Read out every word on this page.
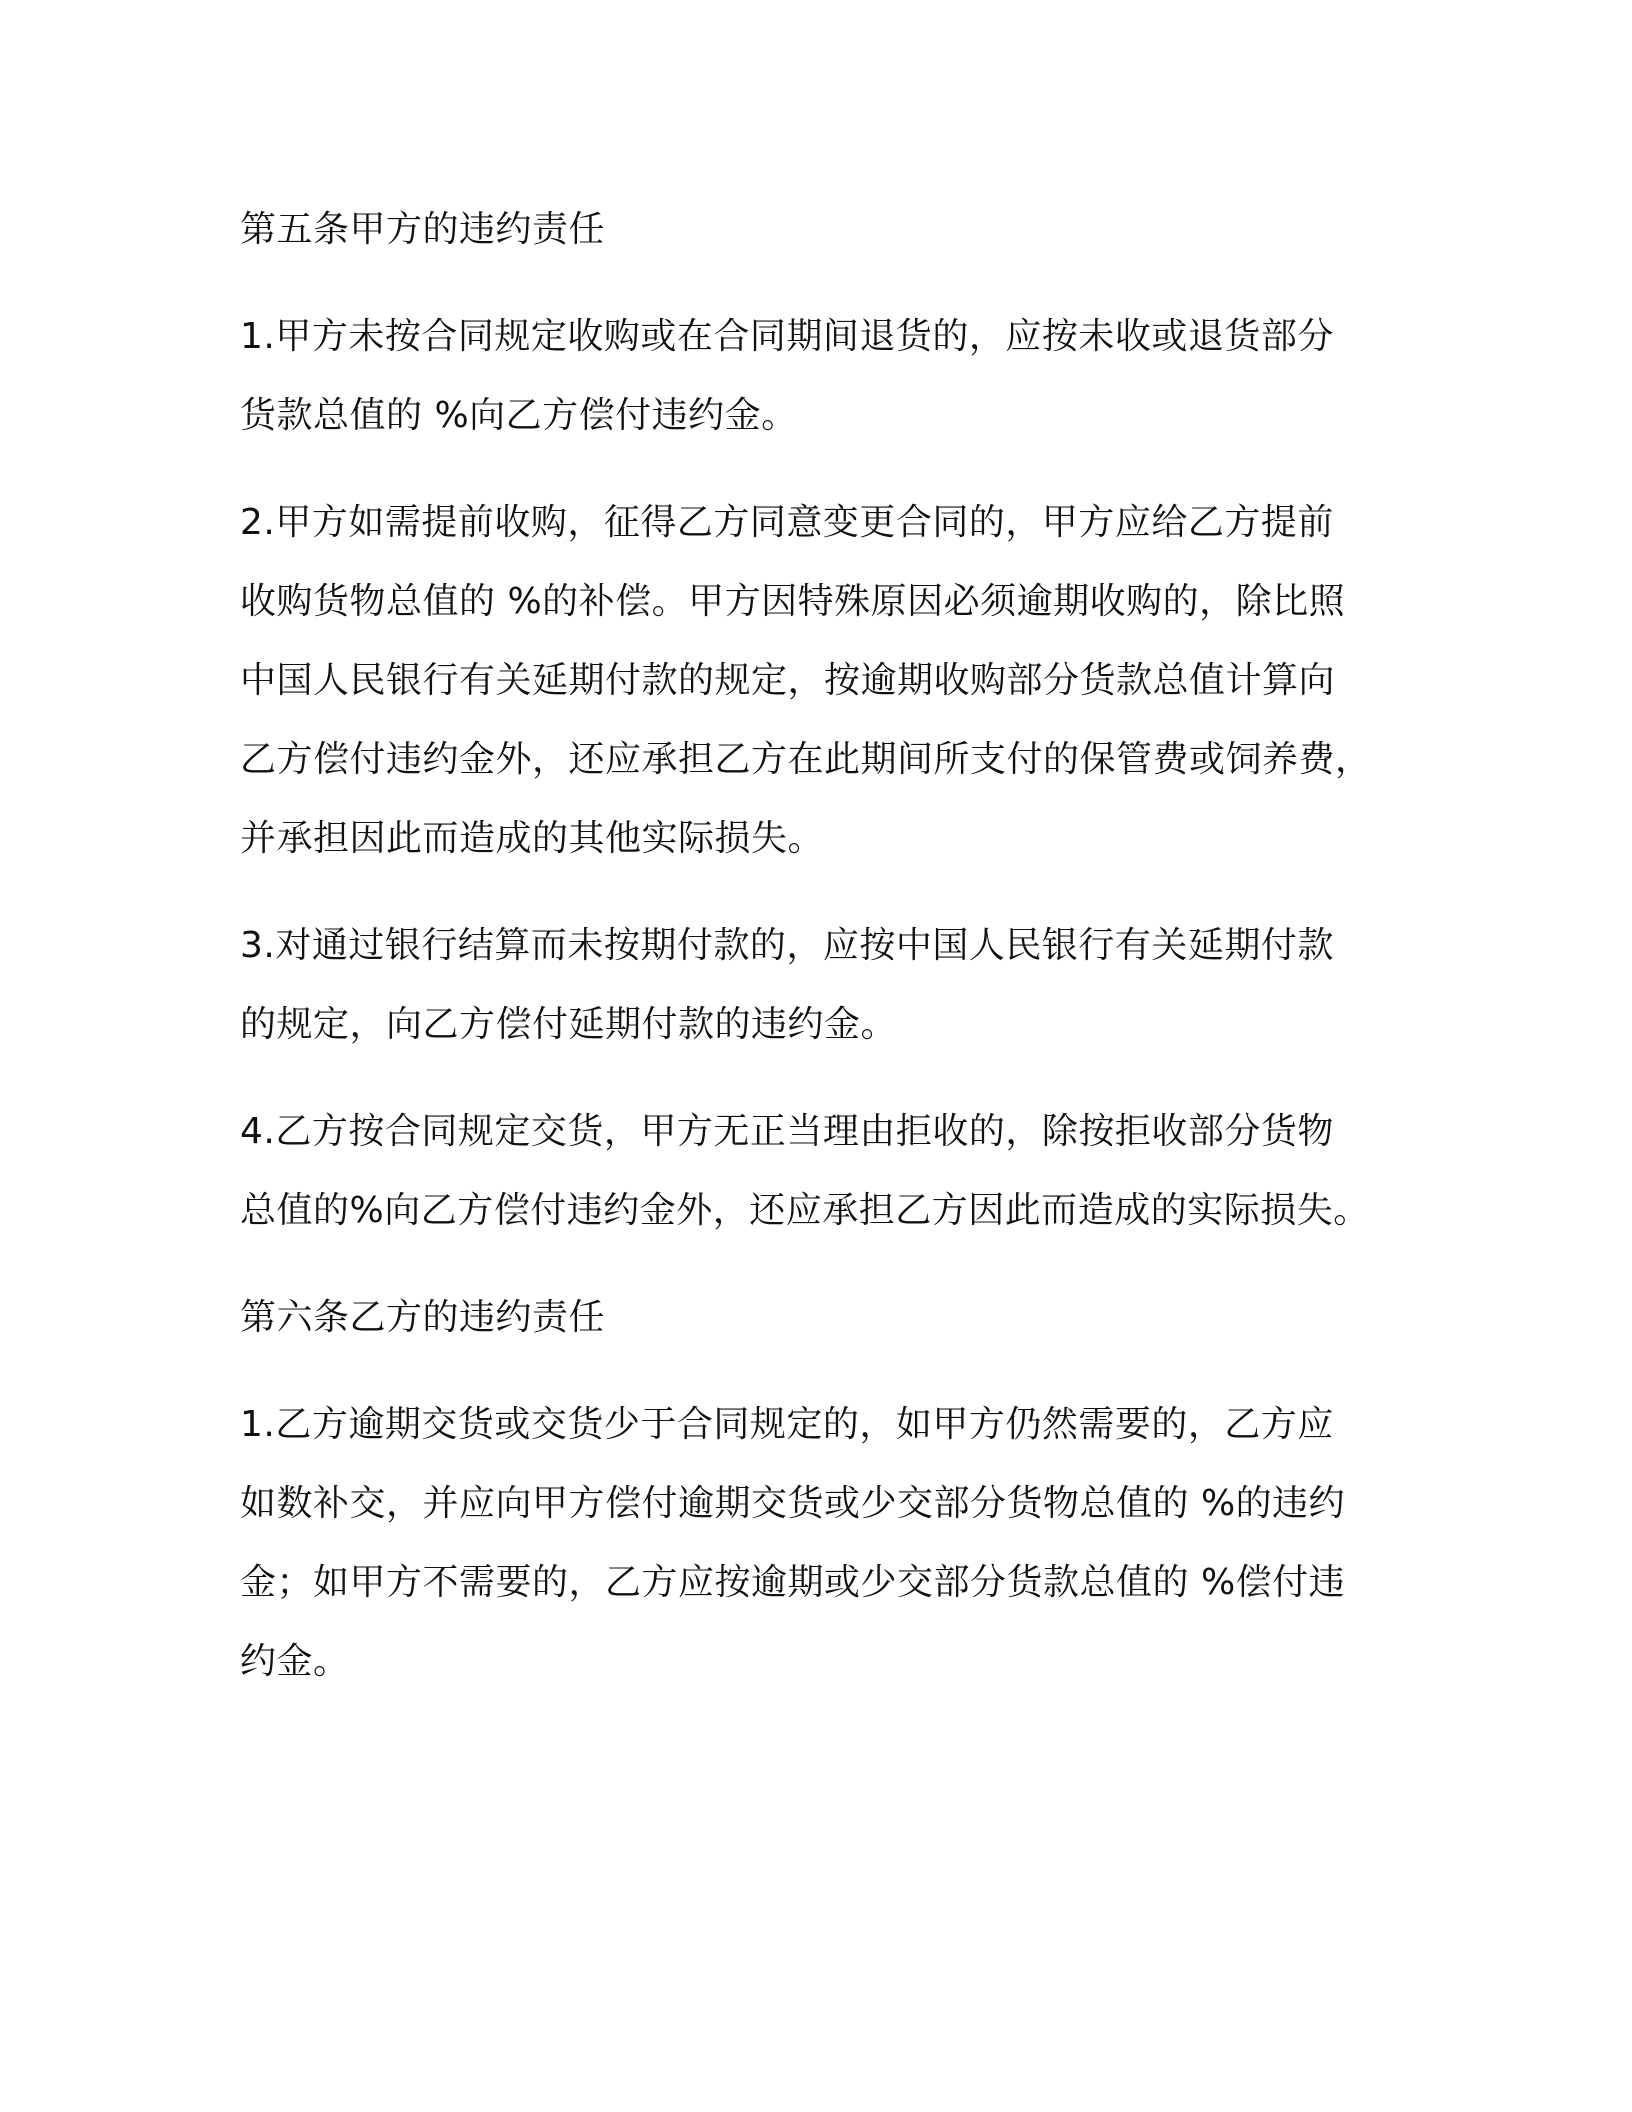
第五条甲方的违约责任

1.甲方未按合同规定收购或在合同期间退货的，应按未收或退货部分
货款总值的 %向乙方偿付违约金。

2.甲方如需提前收购，征得乙方同意变更合同的，甲方应给乙方提前
收购货物总值的 %的补偿。甲方因特殊原因必须逾期收购的，除比照
中国人民银行有关延期付款的规定，按逾期收购部分货款总值计算向
乙方偿付违约金外，还应承担乙方在此期间所支付的保管费或饲养费，
并承担因此而造成的其他实际损失。

3.对通过银行结算而未按期付款的，应按中国人民银行有关延期付款
的规定，向乙方偿付延期付款的违约金。

4.乙方按合同规定交货，甲方无正当理由拒收的，除按拒收部分货物
总值的%向乙方偿付违约金外，还应承担乙方因此而造成的实际损失。

第六条乙方的违约责任

1.乙方逾期交货或交货少于合同规定的，如甲方仍然需要的，乙方应
如数补交，并应向甲方偿付逾期交货或少交部分货物总值的 %的违约
金；如甲方不需要的，乙方应按逾期或少交部分货款总值的 %偿付违
约金。
